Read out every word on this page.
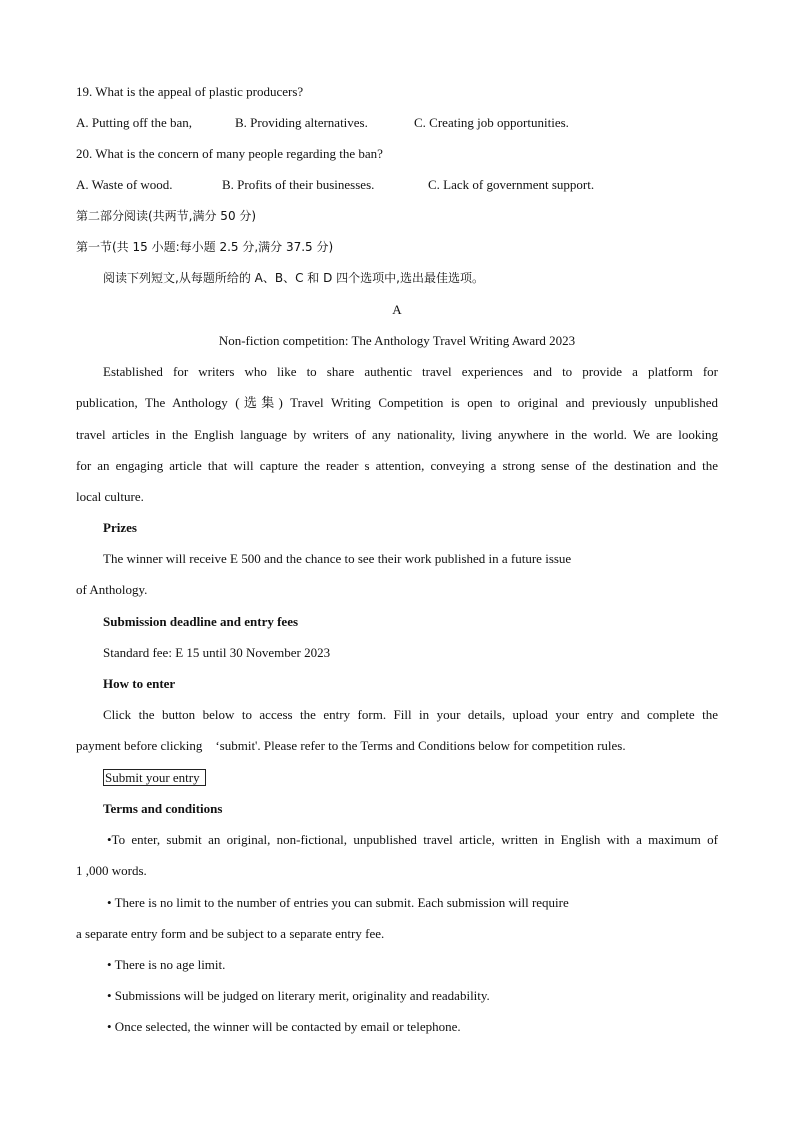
19. What is the appeal of plastic producers?
A. Putting off the ban,	B. Providing alternatives.	C. Creating job opportunities.
20. What is the concern of many people regarding the ban?
A. Waste of wood.	B. Profits of their businesses.	C. Lack of government support.
第二部分阅读(共两节,满分 50 分)
第一节(共 15 小题:每小题 2.5 分,满分 37.5 分)
阅读下列短文,从每题所给的 A、B、C 和 D 四个选项中,选出最佳选项。
A
Non-fiction competition: The Anthology Travel Writing Award 2023
Established for writers who like to share authentic travel experiences and to provide a platform for
publication, The Anthology (选集) Travel Writing Competition is open to original and previously unpublished
travel articles in the English language by writers of any nationality, living anywhere in the world. We are looking
for an engaging article that will capture the reader s attention, conveying a strong sense of the destination and the
local culture.
Prizes
The winner will receive E 500 and the chance to see their work published in a future issue
of Anthology.
Submission deadline and entry fees
Standard fee: E 15 until 30 November 2023
How to enter
Click the button below to access the entry form. Fill in your details, upload your entry and complete the
payment before clicking    ‘submit'. Please refer to the Terms and Conditions below for competition rules.
Submit your entry
Terms and conditions
•To enter, submit an original, non-fictional, unpublished travel article, written in English with a maximum of
1 ,000 words.
• There is no limit to the number of entries you can submit. Each submission will require
a separate entry form and be subject to a separate entry fee.
• There is no age limit.
• Submissions will be judged on literary merit, originality and readability.
• Once selected, the winner will be contacted by email or telephone.
